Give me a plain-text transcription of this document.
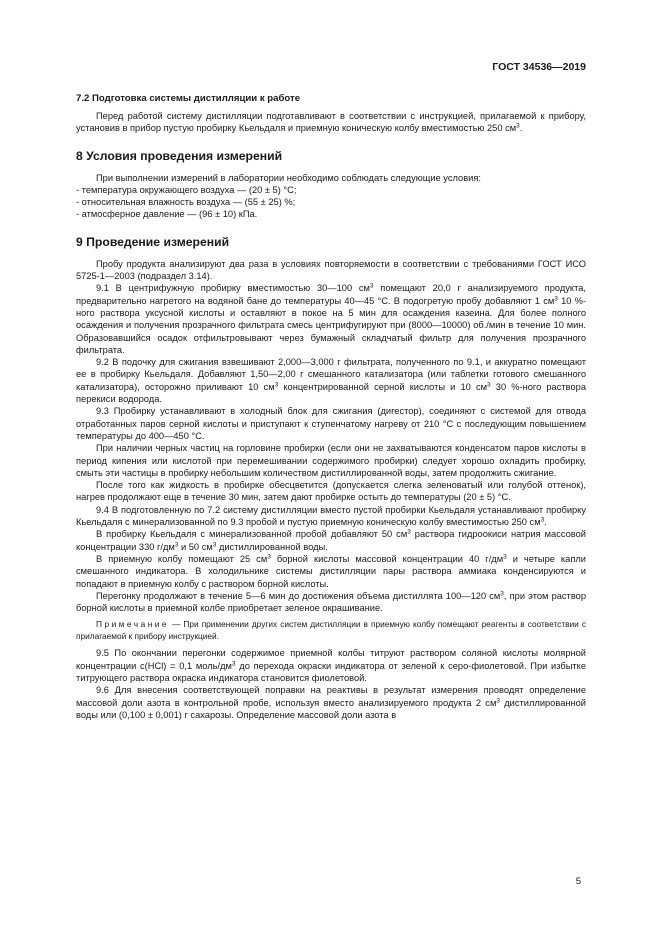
ГОСТ 34536—2019
7.2 Подготовка системы дистилляции к работе

Перед работой систему дистилляции подготавливают в соответствии с инструкцией, прилагаемой к прибору, установив в прибор пустую пробирку Кьельдаля и приемную коническую колбу вместимостью 250 $см^3$.

8 Условия проведения измерений

При выполнении измерений в лаборатории необходимо соблюдать следующие условия:

- температура окружающего воздуха — (20 ± 5) °С;
- относительная влажность воздуха — (55 ± 25) %;
- атмосферное давление — (96 ± 10) кПа.
9 Проведение измерений

Пробу продукта анализируют два раза в условиях повторяемости в соответствии с требованиями ГОСТ ИСО 5725-1—2003 (подраздел 3.14).

9.1 В центрифужную пробирку вместимостью 30—100 $см^3$ помещают 20,0 г анализируемого продукта, предварительно нагретого на водяной бане до температуры 40—45 °С. В подогретую пробу добавляют 1 $см^3$ 10 %-ного раствора уксусной кислоты и оставляют в покое на 5 мин для осаждения казеина. Для более полного осаждения и получения прозрачного фильтрата смесь центрифугируют при (8000—10000) об./мин в течение 10 мин. Образовавшийся осадок отфильтровывают через бумажный складчатый фильтр для получения прозрачного фильтрата.

9.2 В подочку для сжигания взвешивают 2,000—3,000 г фильтрата, полученного по 9.1, и аккуратно помещают ее в пробирку Кьельдаля. Добавляют 1,50—2,00 г смешанного катализатора (или таблетки готового смешанного катализатора), осторожно приливают 10 $см^3$ концентрированной серной кислоты и 10 $см^3$ 30 %-ного раствора перекиси водорода.

9.3 Пробирку устанавливают в холодный блок для сжигания (дигестор), соединяют с системой для отвода отработанных паров серной кислоты и приступают к ступенчатому нагреву от 210 °С с последующим повышением температуры до 400—450 °С.

При наличии черных частиц на горловине пробирки (если они не захватываются конденсатом паров кислоты в период кипения или кислотой при перемешивании содержимого пробирки) следует хорошо охладить пробирку, смыть эти частицы в пробирку небольшим количеством дистиллированной воды, затем продолжить сжигание.

После того как жидкость в пробирке обесцветится (допускается слегка зеленоватый или голубой оттенок), нагрев продолжают еще в течение 30 мин, затем дают пробирке остыть до температуры (20 ± 5) °С.

9.4 В подготовленную по 7.2 систему дистилляции вместо пустой пробирки Кьельдаля устанавливают пробирку Кьельдаля с минерализованной по 9.3 пробой и пустую приемную коническую колбу вместимостью 250 $см^3$.

В пробирку Кьельдаля с минерализованной пробой добавляют 50 $см^3$ раствора гидроокиси натрия массовой концентрации 330 $г/дм^3$ и 50 $см^3$ дистиллированной воды.

В приемную колбу помещают 25 $см^3$ борной кислоты массовой концентрации 40 $г/дм^3$ и четыре капли смешанного индикатора. В холодильнике системы дистилляции пары раствора аммиака конденсируются и попадают в приемную колбу с раствором борной кислоты.

Перегонку продолжают в течение 5—6 мин до достижения объема дистиллята 100—120 $см^3$, при этом раствор борной кислоты в приемной колбе приобретает зеленое окрашивание.

Примечание — При применении других систем дистилляции в приемную колбу помещают реагенты в соответствии с прилагаемой к прибору инструкцией.

9.5 По окончании перегонки содержимое приемной колбы титруют раствором соляной кислоты молярной концентрации c(HCl) = 0,1 моль/$дм^3$ до перехода окраски индикатора от зеленой к серо-фиолетовой. При избытке титрующего раствора окраска индикатора становится фиолетовой.

9.6 Для внесения соответствующей поправки на реактивы в результат измерения проводят определение массовой доли азота в контрольной пробе, используя вместо анализируемого продукта 2 $см^3$ дистиллированной воды или (0,100 ± 0,001) г сахарозы. Определение массовой доли азота в

5
